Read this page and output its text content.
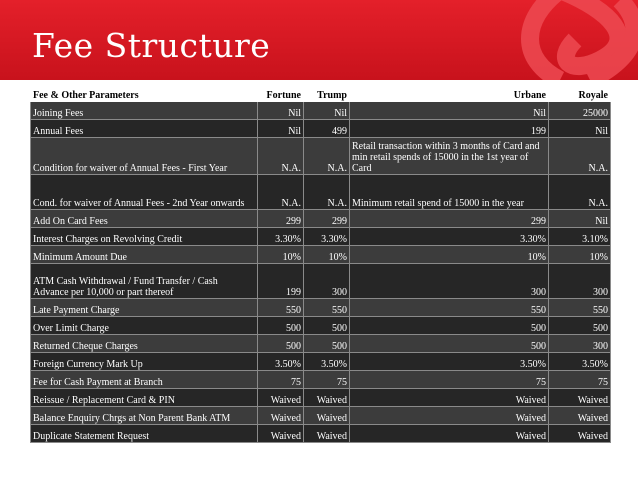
Fee Structure
Fee & Other Parameters	Fortune	Trump	Urbane	Royale
Joining Fees	Nil	Nil	Nil	25000
Annual Fees	Nil	499	199	Nil
Condition for waiver of Annual Fees - First Year	N.A.	N.A.	Retail transaction within 3 months of Card and min retail spends of 15000 in the 1st year of Card	N.A.
Cond. for waiver of Annual Fees - 2nd Year onwards	N.A.	N.A.	Minimum retail spend of 15000 in the year	N.A.
Add On Card Fees	299	299	299	Nil
Interest Charges on Revolving Credit	3.30%	3.30%	3.30%	3.10%
Minimum Amount Due	10%	10%	10%	10%
ATM Cash Withdrawal / Fund Transfer / Cash Advance per 10,000 or part thereof	199	300	300	300
Late Payment Charge	550	550	550	550
Over Limit Charge	500	500	500	500
Returned Cheque Charges	500	500	500	300
Foreign Currency Mark Up	3.50%	3.50%	3.50%	3.50%
Fee for Cash Payment at Branch	75	75	75	75
Reissue / Replacement Card & PIN	Waived	Waived	Waived	Waived
Balance Enquiry Chrgs at Non Parent Bank ATM	Waived	Waived	Waived	Waived
Duplicate Statement Request	Waived	Waived	Waived	Waived
